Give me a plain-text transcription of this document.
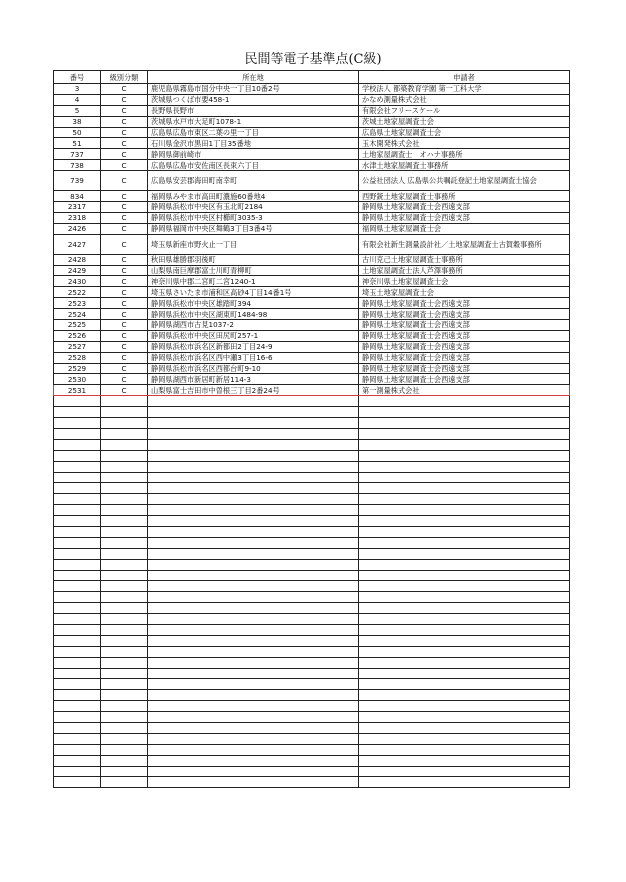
民間等電子基準点(C級)
番号	級別分類	所在地	申請者
3	C	鹿児島県霧島市国分中央一丁目10番2号	学校法人 都築教育学園 第一工科大学
4	C	茨城県つくば市要458-1	かなめ測量株式会社
5	C	長野県長野市	有限会社フリースケール
38	C	茨城県水戸市大足町1078-1	茨城土地家屋調査士会
50	C	広島県広島市東区二葉の里一丁目	広島県土地家屋調査士会
51	C	石川県金沢市黒田1丁目35番地	玉木開発株式会社
737	C	静岡県御前崎市	土地家屋調査士　オハナ事務所
738	C	広島県広島市安佐南区長束六丁目	水津土地家屋調査士事務所
739	C	広島県安芸郡海田町南幸町	公益社団法人 広島県公共嘱託登記土地家屋調査士協会
834	C	福岡県みやま市高田町濃施60番地4	西野銃土地家屋調査士事務所
2317	C	静岡県浜松市中央区有玉北町2184	静岡県土地家屋調査士会西遠支部
2318	C	静岡県浜松市中央区村櫛町3035-3	静岡県土地家屋調査士会西遠支部
2426	C	静岡県福岡市中央区舞鶴3丁目3番4号	福岡県土地家屋調査士会
2427	C	埼玉県新座市野火止一丁目	有限会社新生測量設計社／土地家屋調査士古賀穀事務所
2428	C	秋田県雄勝郡羽後町	古川克己土地家屋調査士事務所
2429	C	山梨県南巨摩郡富士川町青柳町	土地家屋調査士法人芦澤事務所
2430	C	神奈川県中郡二宮町二宮1240-1	神奈川県土地家屋調査士会
2522	C	埼玉県さいたま市浦和区高砂4丁目14番1号	埼玉土地家屋調査士会
2523	C	静岡県浜松市中央区雄踏町394	静岡県土地家屋調査士会西遠支部
2524	C	静岡県浜松市中央区湖東町1484-98	静岡県土地家屋調査士会西遠支部
2525	C	静岡県湖西市古見1037-2	静岡県土地家屋調査士会西遠支部
2526	C	静岡県浜松市中央区田尻町257-1	静岡県土地家屋調査士会西遠支部
2527	C	静岡県浜松市浜名区新都田2丁目24-9	静岡県土地家屋調査士会西遠支部
2528	C	静岡県浜松市浜名区西中瀬3丁目16-6	静岡県土地家屋調査士会西遠支部
2529	C	静岡県浜松市浜名区西都台町9-10	静岡県土地家屋調査士会西遠支部
2530	C	静岡県湖西市新居町新居114-3	静岡県土地家屋調査士会西遠支部
2531	C	山梨県富士吉田市中曽根三丁目2番24号	第一測量株式会社
